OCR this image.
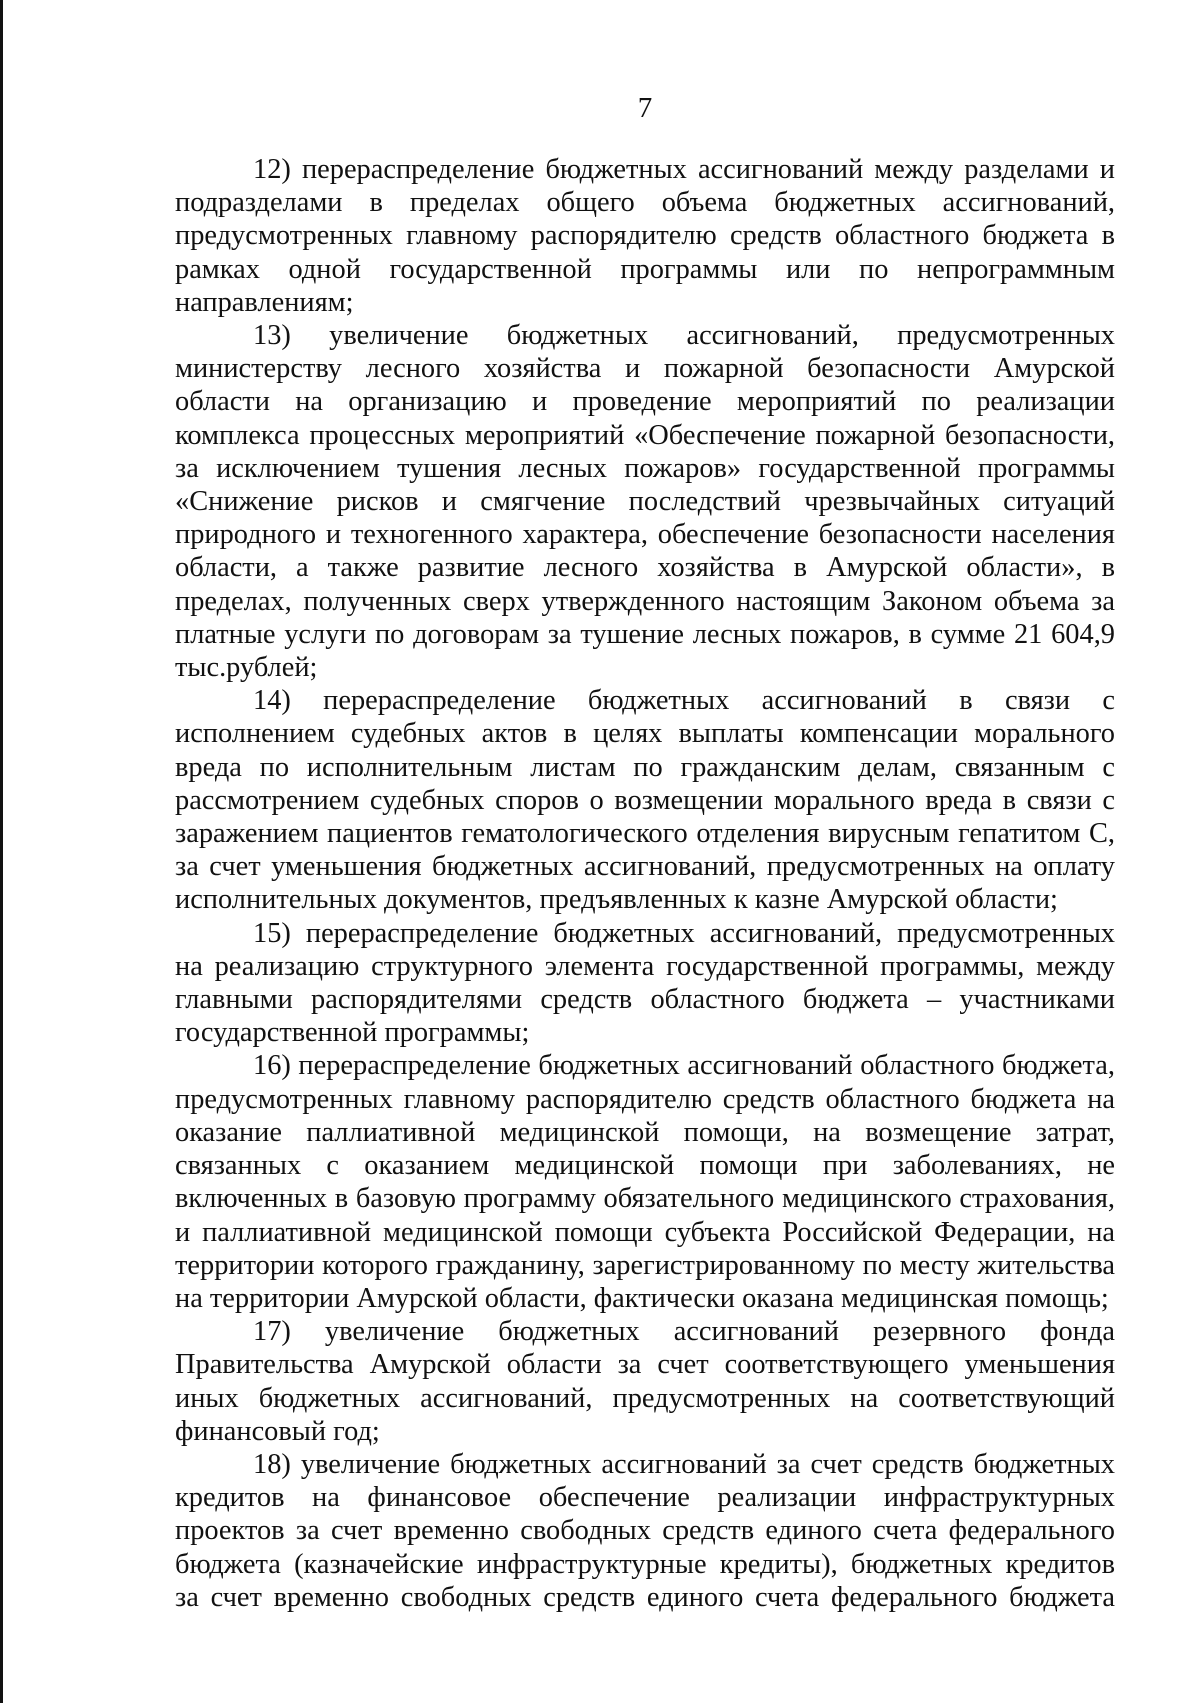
7

12) перераспределение бюджетных ассигнований между разделами и подразделами в пределах общего объема бюджетных ассигнований, предусмотренных главному распорядителю средств областного бюджета в рамках одной государственной программы или по непрограммным направлениям;

13) увеличение бюджетных ассигнований, предусмотренных министерству лесного хозяйства и пожарной безопасности Амурской области на организацию и проведение мероприятий по реализации комплекса процессных мероприятий «Обеспечение пожарной безопасности, за исключением тушения лесных пожаров» государственной программы «Снижение рисков и смягчение последствий чрезвычайных ситуаций природного и техногенного характера, обеспечение безопасности населения области, а также развитие лесного хозяйства в Амурской области», в пределах, полученных сверх утвержденного настоящим Законом объема за платные услуги по договорам за тушение лесных пожаров, в сумме 21 604,9 тыс.рублей;

14) перераспределение бюджетных ассигнований в связи с исполнением судебных актов в целях выплаты компенсации морального вреда по исполнительным листам по гражданским делам, связанным с рассмотрением судебных споров о возмещении морального вреда в связи с заражением пациентов гематологического отделения вирусным гепатитом С, за счет уменьшения бюджетных ассигнований, предусмотренных на оплату исполнительных документов, предъявленных к казне Амурской области;

15) перераспределение бюджетных ассигнований, предусмотренных на реализацию структурного элемента государственной программы, между главными распорядителями средств областного бюджета – участниками государственной программы;

16) перераспределение бюджетных ассигнований областного бюджета, предусмотренных главному распорядителю средств областного бюджета на оказание паллиативной медицинской помощи, на возмещение затрат, связанных с оказанием медицинской помощи при заболеваниях, не включенных в базовую программу обязательного медицинского страхования, и паллиативной медицинской помощи субъекта Российской Федерации, на территории которого гражданину, зарегистрированному по месту жительства на территории Амурской области, фактически оказана медицинская помощь;

17) увеличение бюджетных ассигнований резервного фонда Правительства Амурской области за счет соответствующего уменьшения иных бюджетных ассигнований, предусмотренных на соответствующий финансовый год;

18) увеличение бюджетных ассигнований за счет средств бюджетных кредитов на финансовое обеспечение реализации инфраструктурных проектов за счет временно свободных средств единого счета федерального бюджета (казначейские инфраструктурные кредиты), бюджетных кредитов за счет временно свободных средств единого счета федерального бюджета
